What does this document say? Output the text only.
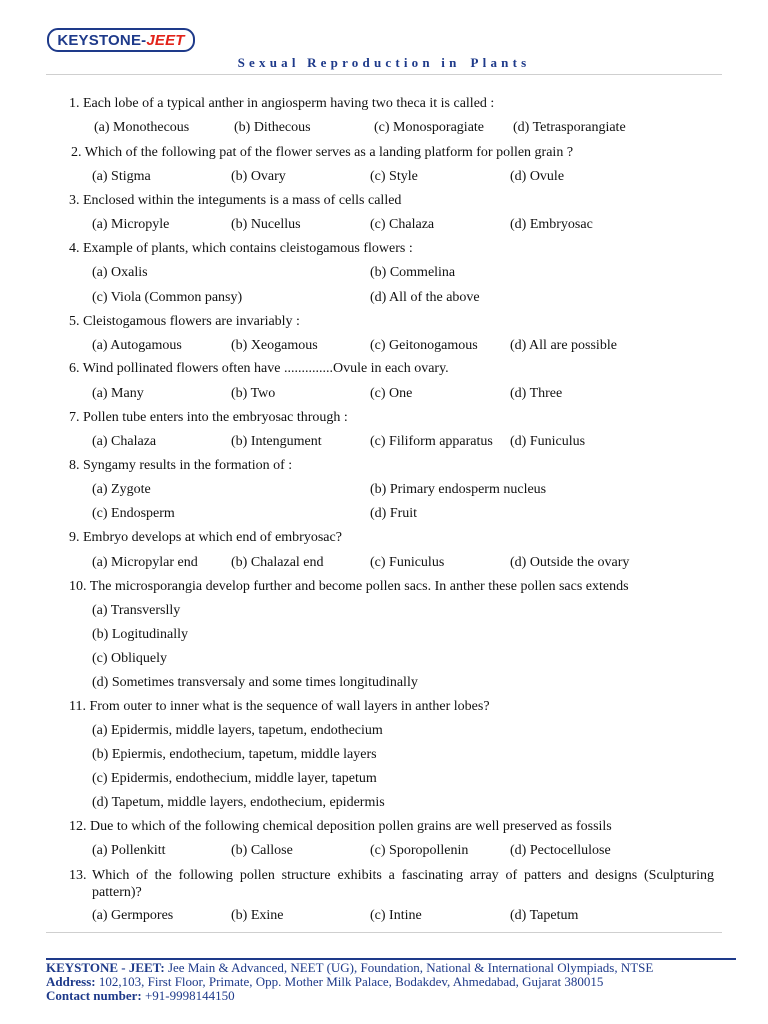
KEYSTONE - JEET
Sexual Reproduction in Plants
1. Each lobe of a typical anther in angiosperm having two theca it is called :
(a) Monothecous	(b) Dithecous	(c) Monosporagiate (d) Tetrasporangiate
2. Which of the following pat of the flower serves as a landing platform for pollen grain ?
(a) Stigma	(b) Ovary	(c) Style	(d) Ovule
3. Enclosed within the integuments is a mass of cells called
(a) Micropyle	(b) Nucellus	(c) Chalaza	(d) Embryosac
4. Example of plants, which contains cleistogamous flowers :
(a) Oxalis	(b) Commelina
(c) Viola (Common pansy)	(d) All of the above
5. Cleistogamous flowers are invariably :
(a) Autogamous	(b) Xeogamous	(c) Geitonogamous (d) All are possible
6. Wind pollinated flowers often have ..............Ovule in each ovary.
(a) Many	(b) Two	(c) One	(d) Three
7. Pollen tube enters into the embryosac through :
(a) Chalaza	(b) Intengument	(c) Filiform apparatus (d) Funiculus
8. Syngamy results in the formation of :
(a) Zygote	(b) Primary endosperm nucleus
(c) Endosperm	(d) Fruit
9. Embryo develops at which end of embryosac?
(a) Micropylar end (b) Chalazal end	(c) Funiculus	(d) Outside the ovary
10. The microsporangia develop further and become pollen sacs. In anther these pollen sacs extends
(a) Transverslly
(b) Logitudinally
(c) Obliquely
(d) Sometimes transversaly and some times longitudinally
11. From outer to inner what is the sequence of wall layers in anther lobes?
(a) Epidermis, middle layers, tapetum, endothecium
(b) Epiermis, endothecium, tapetum, middle layers
(c) Epidermis, endothecium, middle layer, tapetum
(d) Tapetum, middle layers, endothecium, epidermis
12. Due to which of the following chemical deposition pollen grains are well preserved as fossils
(a) Pollenkitt	(b) Callose	(c) Sporopollenin	(d) Pectocellulose
13. Which of the following pollen structure exhibits a fascinating array of patters and designs (Sculpturing pattern)?
(a) Germpores	(b) Exine	(c) Intine	(d) Tapetum
KEYSTONE - JEET: Jee Main & Advanced, NEET (UG), Foundation, National & International Olympiads, NTSE
Address: 102,103, First Floor, Primate, Opp. Mother Milk Palace, Bodakdev, Ahmedabad, Gujarat 380015
Contact number: +91-9998144150
